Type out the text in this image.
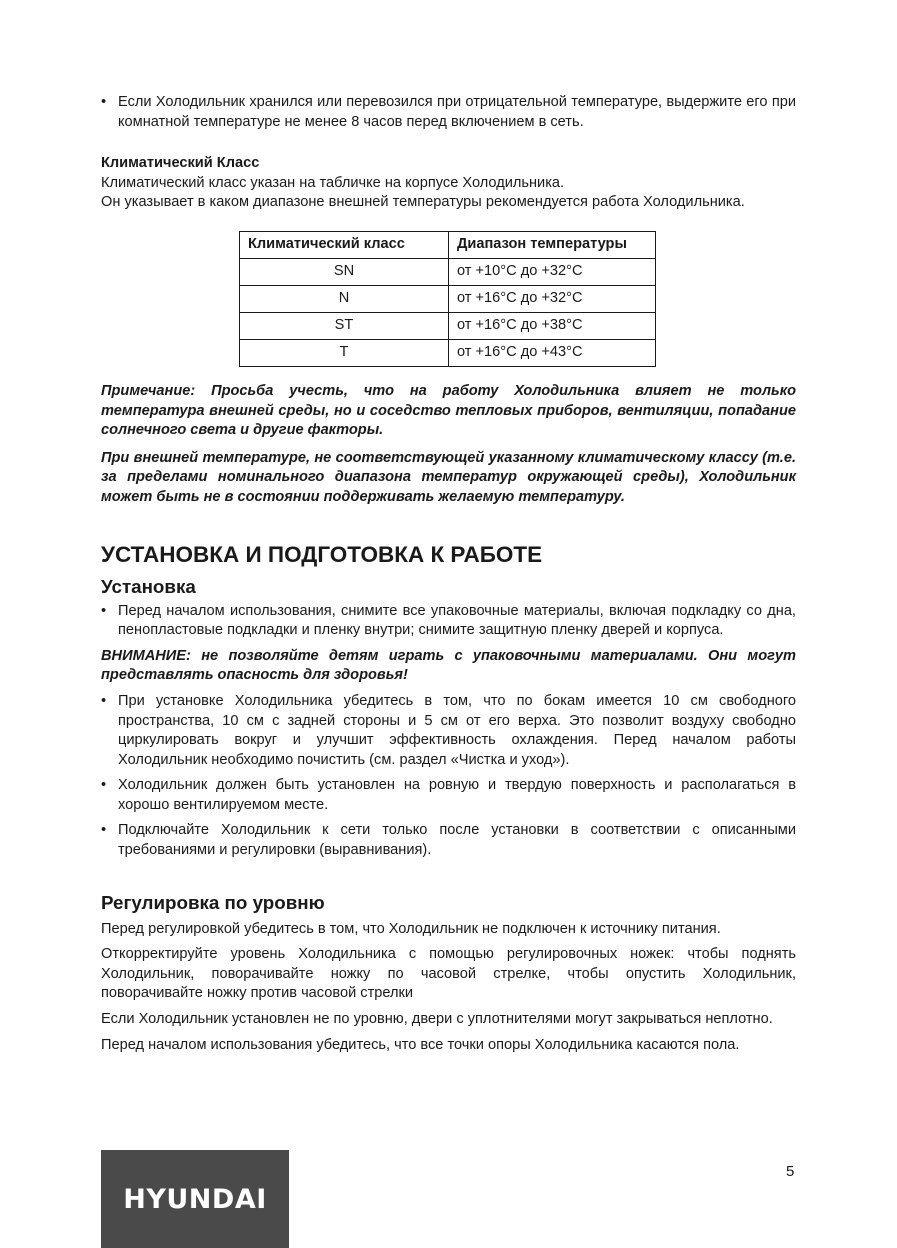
• Если Холодильник хранился или перевозился при отрицательной температуре, выдержите его при комнатной температуре не менее 8 часов перед включением в сеть.

Климатический Класс

Климатический класс указан на табличке на корпусе Холодильника.

Он указывает в каком диапазоне внешней температуры рекомендуется работа Холодильника.

Климатический класс	Диапазон температуры
SN	от +10°C до +32°C
N	от +16°C до +32°C
ST	от +16°C до +38°C
T	от +16°C до +43°C

Примечание: Просьба учесть, что на работу Холодильника влияет не только температура внешней среды, но и соседство тепловых приборов, вентиляции, попадание солнечного света и другие факторы.

При внешней температуре, не соответствующей указанному климатическому классу (т.е. за пределами номинального диапазона температур окружающей среды), Холодильник может быть не в состоянии поддерживать желаемую температуру.

УСТАНОВКА И ПОДГОТОВКА К РАБОТЕ
Установка

• Перед началом использования, снимите все упаковочные материалы, включая подкладку со дна, пенопластовые подкладки и пленку внутри; снимите защитную пленку дверей и корпуса.

ВНИМАНИЕ: не позволяйте детям играть с упаковочными материалами. Они могут представлять опасность для здоровья!

• При установке Холодильника убедитесь в том, что по бокам имеется 10 см свободного пространства, 10 см с задней стороны и 5 см от его верха. Это позволит воздуху свободно циркулировать вокруг и улучшит эффективность охлаждения. Перед началом работы Холодильник необходимо почистить (см. раздел «Чистка и уход»).

• Холодильник должен быть установлен на ровную и твердую поверхность и располагаться в хорошо вентилируемом месте.

• Подключайте Холодильник к сети только после установки в соответствии с описанными требованиями и регулировки (выравнивания).

Регулировка по уровню

Перед регулировкой убедитесь в том, что Холодильник не подключен к источнику питания.

Откорректируйте уровень Холодильника с помощью регулировочных ножек: чтобы поднять Холодильник, поворачивайте ножку по часовой стрелке, чтобы опустить Холодильник, поворачивайте ножку против часовой стрелки

Если Холодильник установлен не по уровню, двери с уплотнителями могут закрываться неплотно.

Перед началом использования убедитесь, что все точки опоры Холодильника касаются пола.

HYUNDAI
5
